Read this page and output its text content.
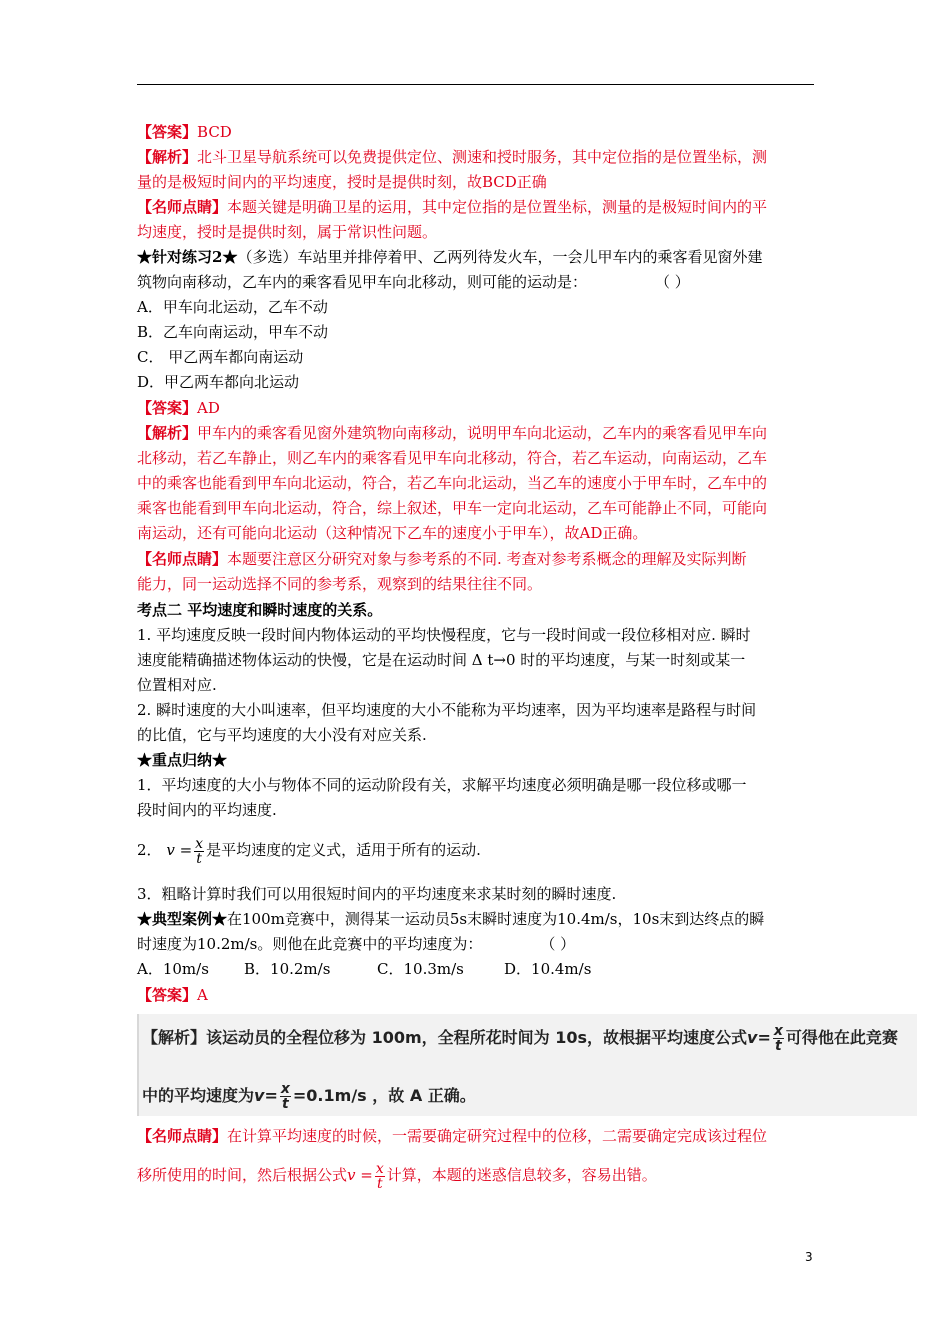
【答案】BCD
【解析】北斗卫星导航系统可以免费提供定位、测速和授时服务，其中定位指的是位置坐标，测
量的是极短时间内的平均速度，授时是提供时刻，故BCD正确
【名师点睛】本题关键是明确卫星的运用，其中定位指的是位置坐标，测量的是极短时间内的平
均速度，授时是提供时刻，属于常识性问题。
★针对练习2★（多选）车站里并排停着甲、乙两列待发火车，一会儿甲车内的乘客看见窗外建
筑物向南移动，乙车内的乘客看见甲车向北移动，则可能的运动是：	（ ）
A．甲车向北运动，乙车不动
B．乙车向南运动，甲车不动
C． 甲乙两车都向南运动
D．甲乙两车都向北运动
【答案】AD
【解析】甲车内的乘客看见窗外建筑物向南移动，说明甲车向北运动，乙车内的乘客看见甲车向
北移动，若乙车静止，则乙车内的乘客看见甲车向北移动，符合，若乙车运动，向南运动，乙车
中的乘客也能看到甲车向北运动，符合，若乙车向北运动，当乙车的速度小于甲车时，乙车中的
乘客也能看到甲车向北运动，符合，综上叙述，甲车一定向北运动，乙车可能静止不同，可能向
南运动，还有可能向北运动（这种情况下乙车的速度小于甲车），故AD正确。
【名师点睛】本题要注意区分研究对象与参考系的不同. 考查对参考系概念的理解及实际判断
能力，同一运动选择不同的参考系，观察到的结果往往不同。
考点二 平均速度和瞬时速度的关系。
1. 平均速度反映一段时间内物体运动的平均快慢程度，它与一段时间或一段位移相对应. 瞬时
速度能精确描述物体运动的快慢，它是在运动时间 Δ t→0 时的平均速度，与某一时刻或某一
位置相对应.
2. 瞬时速度的大小叫速率，但平均速度的大小不能称为平均速率，因为平均速率是路程与时间
的比值，它与平均速度的大小没有对应关系.
★重点归纳★
1．平均速度的大小与物体不同的运动阶段有关，求解平均速度必须明确是哪一段位移或哪一
段时间内的平均速度.
2． $v = \frac{x}{t}$ 是平均速度的定义式，适用于所有的运动.
3．粗略计算时我们可以用很短时间内的平均速度来求某时刻的瞬时速度.
★典型案例★在100m竞赛中，测得某一运动员5s末瞬时速度为10.4m/s，10s末到达终点的瞬
时速度为10.2m/s。则他在此竞赛中的平均速度为：	（ ）
A．10m/s B．10.2m/s	C．10.3m/s	D．10.4m/s
【答案】A
【解析】该运动员的全程位移为 100m，全程所花时间为 10s，故根据平均速度公式$v= \frac{x}{t}$ 可得他在此竞赛
中的平均速度为$v= \frac{x}{t} =0.1m/s$ ，故 A 正确。
【名师点睛】在计算平均速度的时候，一需要确定研究过程中的位移，二需要确定完成该过程位
移所使用的时间，然后根据公式$v = \frac{x}{t}$ 计算，本题的迷惑信息较多，容易出错。
3
